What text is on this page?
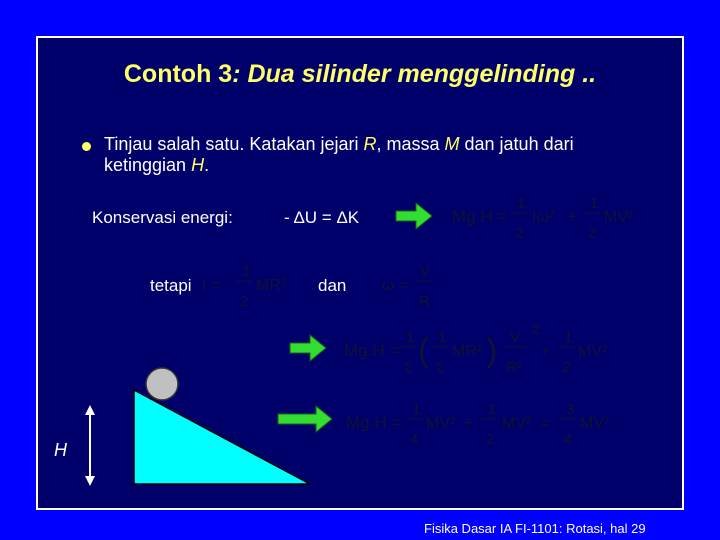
Contoh 3: Dua silinder menggelinding ..
Tinjau salah satu. Katakan jejari R, massa M dan jatuh dari
ketinggian H.
Konservasi energi:	- ΔU = ΔK
tetapi	dan
H
Fisika Dasar IA FI-1101: Rotasi, hal 29
Mg.H =
1
2
Iω² +
1
2
MV²
I =
1
2
MR²	ω =
V
R
Mg.H =
1
2 ( 1
2
MR² ) V
R²
2
+
1
2
MV²
Mg.H =
1
4
MV² +
1
2
MV² =
3
4
MV²
